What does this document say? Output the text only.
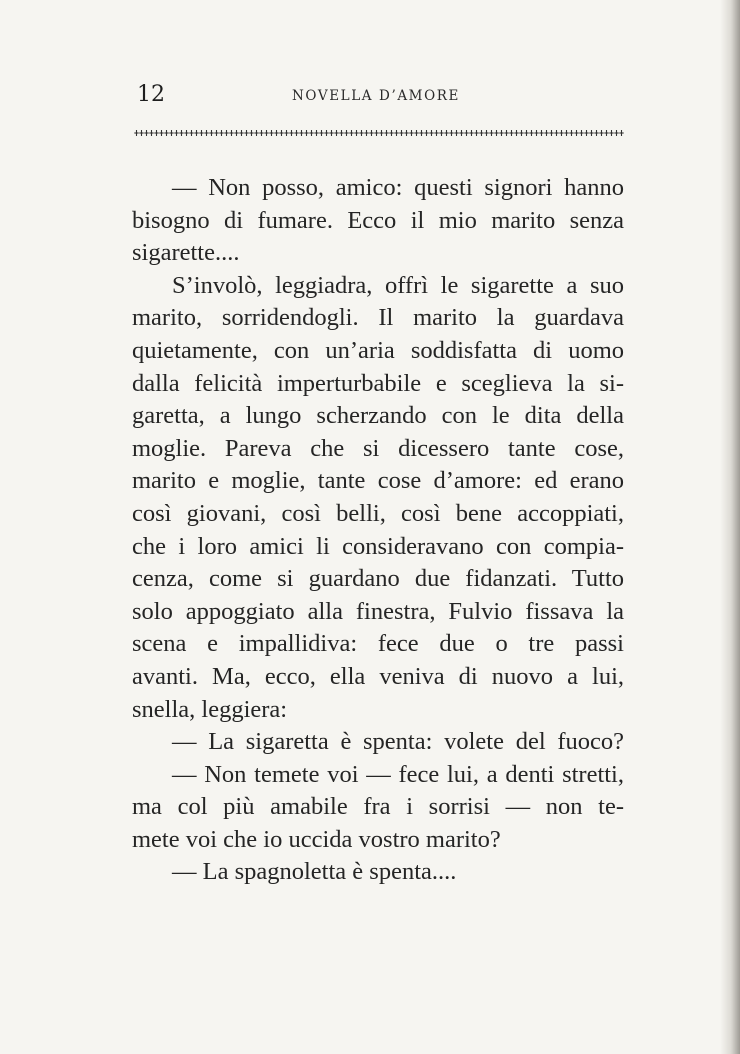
12	NOVELLA D’AMORE
— Non posso, amico: questi signori hanno
bisogno di fumare. Ecco il mio marito senza
sigarette....
S’involò, leggiadra, offrì le sigarette a suo
marito, sorridendogli. Il marito la guardava
quietamente, con un’aria soddisfatta di uomo
dalla felicità imperturbabile e sceglieva la si-
garetta, a lungo scherzando con le dita della
moglie. Pareva che si dicessero tante cose,
marito e moglie, tante cose d’amore: ed erano
così giovani, così belli, così bene accoppiati,
che i loro amici li consideravano con compia-
cenza, come si guardano due fidanzati. Tutto
solo appoggiato alla finestra, Fulvio fissava la
scena e impallidiva: fece due o tre passi
avanti. Ma, ecco, ella veniva di nuovo a lui,
snella, leggiera:
— La sigaretta è spenta: volete del fuoco?
— Non temete voi — fece lui, a denti stretti,
ma col più amabile fra i sorrisi — non te-
mete voi che io uccida vostro marito?
— La spagnoletta è spenta....
